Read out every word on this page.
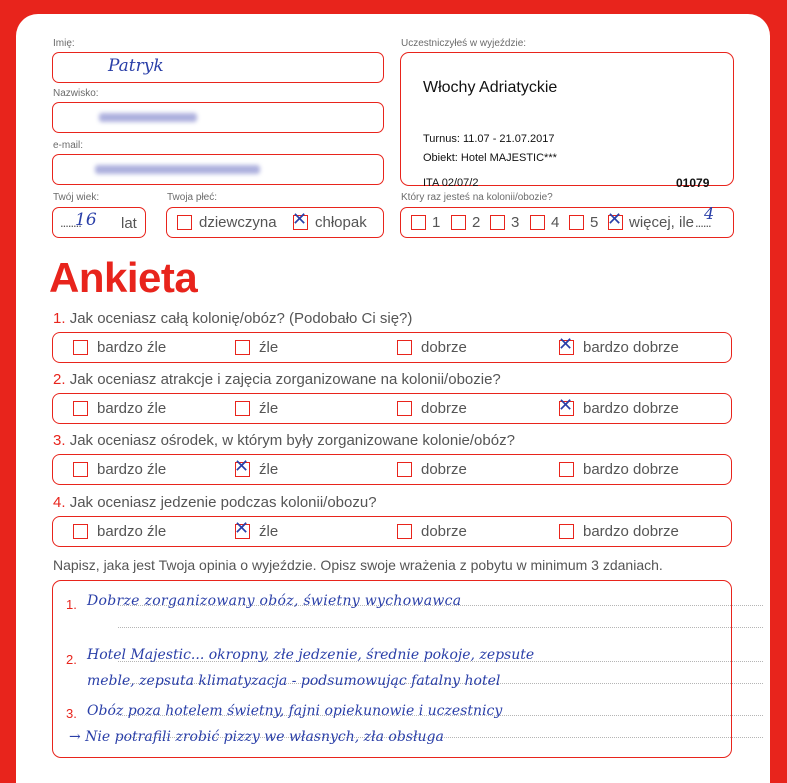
Imię:
Patryk
Nazwisko:
e-mail:
Twój wiek:
........
16 lat
Twoja płeć:
dziewczyna ✕ chłopak
Uczestniczyłeś w wyjeździe:
Włochy Adriatyckie
Turnus: 11.07 - 21.07.2017
Obiekt: Hotel MAJESTIC***
ITA 02/07/2	01079
Który raz jesteś na kolonii/obozie?
1 2 3 4 5 ✕ więcej, ile ......
4
Ankieta
1. Jak oceniasz całą kolonię/obóz? (Podobało Ci się?)
bardzo źle	źle	dobrze	✕ bardzo dobrze
2. Jak oceniasz atrakcje i zajęcia zorganizowane na kolonii/obozie?
bardzo źle	źle	dobrze	✕ bardzo dobrze
3. Jak oceniasz ośrodek, w którym były zorganizowane kolonie/obóz?
bardzo źle	✕ źle	dobrze	bardzo dobrze
4. Jak oceniasz jedzenie podczas kolonii/obozu?
bardzo źle	✕ źle	dobrze	bardzo dobrze
Napisz, jaka jest Twoja opinia o wyjeździe. Opisz swoje wrażenia z pobytu w minimum 3 zdaniach.
1.
2.
3.
Dobrze zorganizowany obóz, świetny wychowawca
Hotel Majestic... okropny, złe jedzenie, średnie pokoje, zepsute
meble, zepsuta klimatyzacja - podsumowując fatalny hotel
Obóz poza hotelem świetny, fajni opiekunowie i uczestnicy
→ Nie potrafili zrobić pizzy we własnych, zła obsługa
